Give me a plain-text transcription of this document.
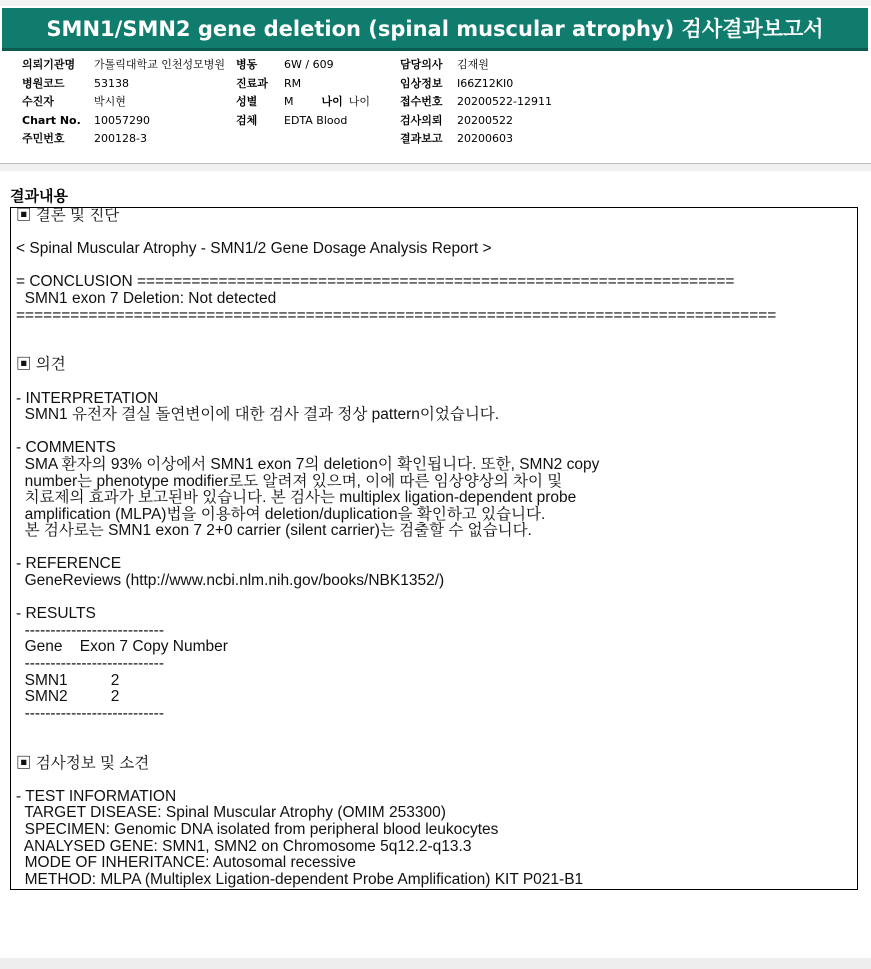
SMN1/SMN2 gene deletion (spinal muscular atrophy) 검사결과보고서
의뢰기관명	가톨릭대학교 인천성모병원
병원코드	53138
수진자	박시현
Chart No.	10057290
주민번호	200128-3
병동	6W / 609
진료과	RM
성별	M	나이 나이
검체	EDTA Blood
담당의사	김재원
임상정보	I66Z12KI0
접수번호	20200522-12911
검사의뢰	20200522
결과보고	20200603
결과내용
▣ 결론 및 진단
< Spinal Muscular Atrophy - SMN1/2 Gene Dosage Analysis Report >
= CONCLUSION ==================================================================
SMN1 exon 7 Deletion: Not detected
====================================================================================
▣ 의견
- INTERPRETATION
SMN1 유전자 결실 돌연변이에 대한 검사 결과 정상 pattern이었습니다.
- COMMENTS
SMA 환자의 93% 이상에서 SMN1 exon 7의 deletion이 확인됩니다. 또한, SMN2 copy
number는 phenotype modifier로도 알려져 있으며, 이에 따른 임상양상의 차이 및
치료제의 효과가 보고된바 있습니다. 본 검사는 multiplex ligation-dependent probe
amplification (MLPA)법을 이용하여 deletion/duplication을 확인하고 있습니다.
본 검사로는 SMN1 exon 7 2+0 carrier (silent carrier)는 검출할 수 없습니다.
- REFERENCE
GeneReviews (http://www.ncbi.nlm.nih.gov/books/NBK1352/)
- RESULTS
---------------------------
Gene    Exon 7 Copy Number
---------------------------
SMN1          2
SMN2          2
---------------------------
▣ 검사정보 및 소견
- TEST INFORMATION
TARGET DISEASE: Spinal Muscular Atrophy (OMIM 253300)
SPECIMEN: Genomic DNA isolated from peripheral blood leukocytes
ANALYSED GENE: SMN1, SMN2 on Chromosome 5q12.2-q13.3
MODE OF INHERITANCE: Autosomal recessive
METHOD: MLPA (Multiplex Ligation-dependent Probe Amplification) KIT P021-B1
